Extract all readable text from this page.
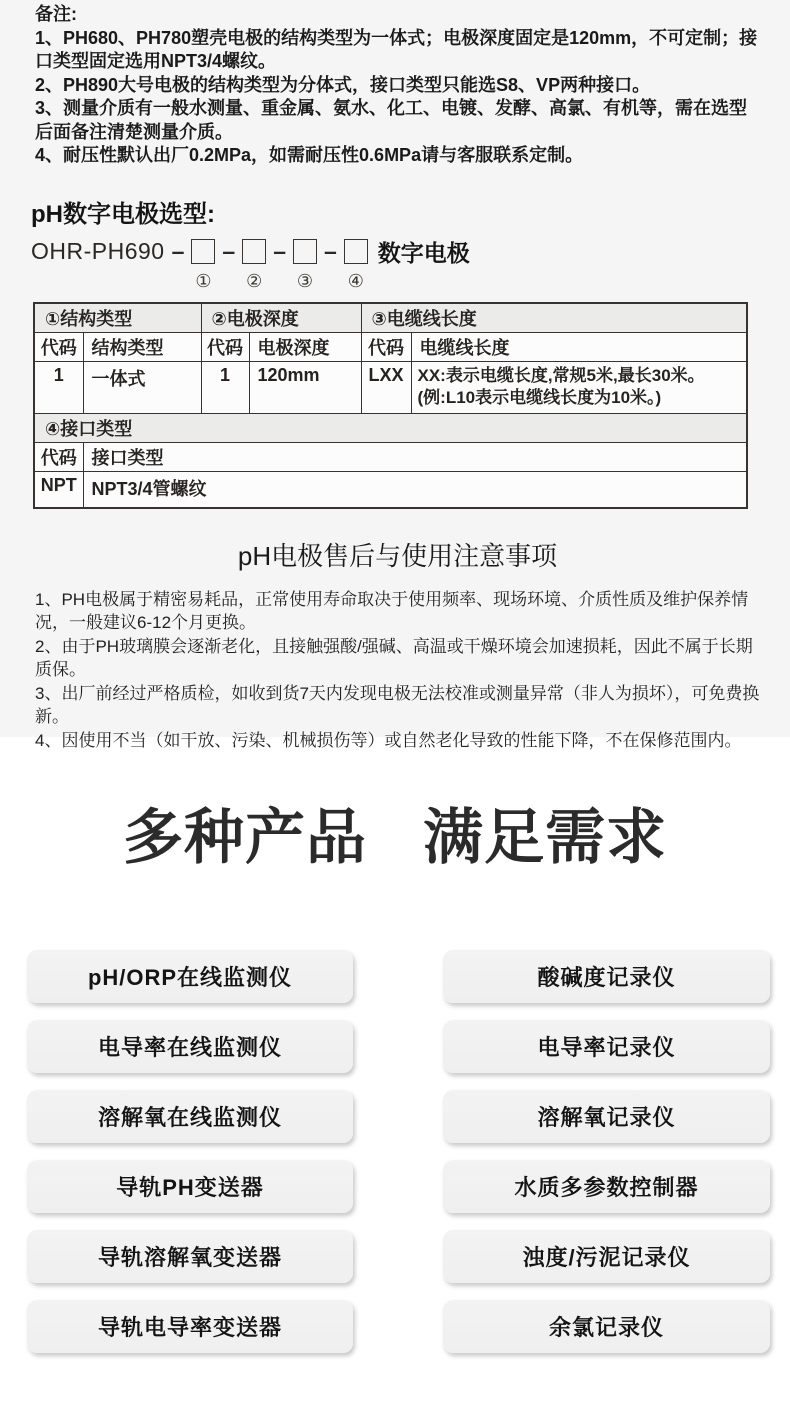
备注:
1、PH680、PH780塑壳电极的结构类型为一体式；电极深度固定是120mm，不可定制；接口类型固定选用NPT3/4螺纹。
2、PH890大号电极的结构类型为分体式，接口类型只能选S8、VP两种接口。
3、测量介质有一般水测量、重金属、氨水、化工、电镀、发酵、高氯、有机等，需在选型后面备注清楚测量介质。
4、耐压性默认出厂0.2MPa，如需耐压性0.6MPa请与客服联系定制。
pH数字电极选型:
OHR-PH690 –	–	–	–	数字电极
① ② ③ ④
①结构类型		②电极深度		③电缆线长度	
代码	结构类型	代码	电极深度	代码	电缆线长度
1	一体式	1	120mm	LXX	XX:表示电缆长度,常规5米,最长30米。
(例:L10表示电缆线长度为10米。)

④接口类型					
代码	接口类型				
NPT	NPT3/4管螺纹				
pH电极售后与使用注意事项
1、PH电极属于精密易耗品，正常使用寿命取决于使用频率、现场环境、介质性质及维护保养情况，一般建议6-12个月更换。
2、由于PH玻璃膜会逐渐老化，且接触强酸/强碱、高温或干燥环境会加速损耗，因此不属于长期质保。
3、出厂前经过严格质检，如收到货7天内发现电极无法校准或测量异常（非人为损坏），可免费换新。
4、因使用不当（如干放、污染、机械损伤等）或自然老化导致的性能下降，不在保修范围内。
多种产品 满足需求
pH/ORP在线监测仪	酸碱度记录仪
电导率在线监测仪	电导率记录仪
溶解氧在线监测仪	溶解氧记录仪
导轨PH变送器	水质多参数控制器
导轨溶解氧变送器	浊度/污泥记录仪
导轨电导率变送器	余氯记录仪
